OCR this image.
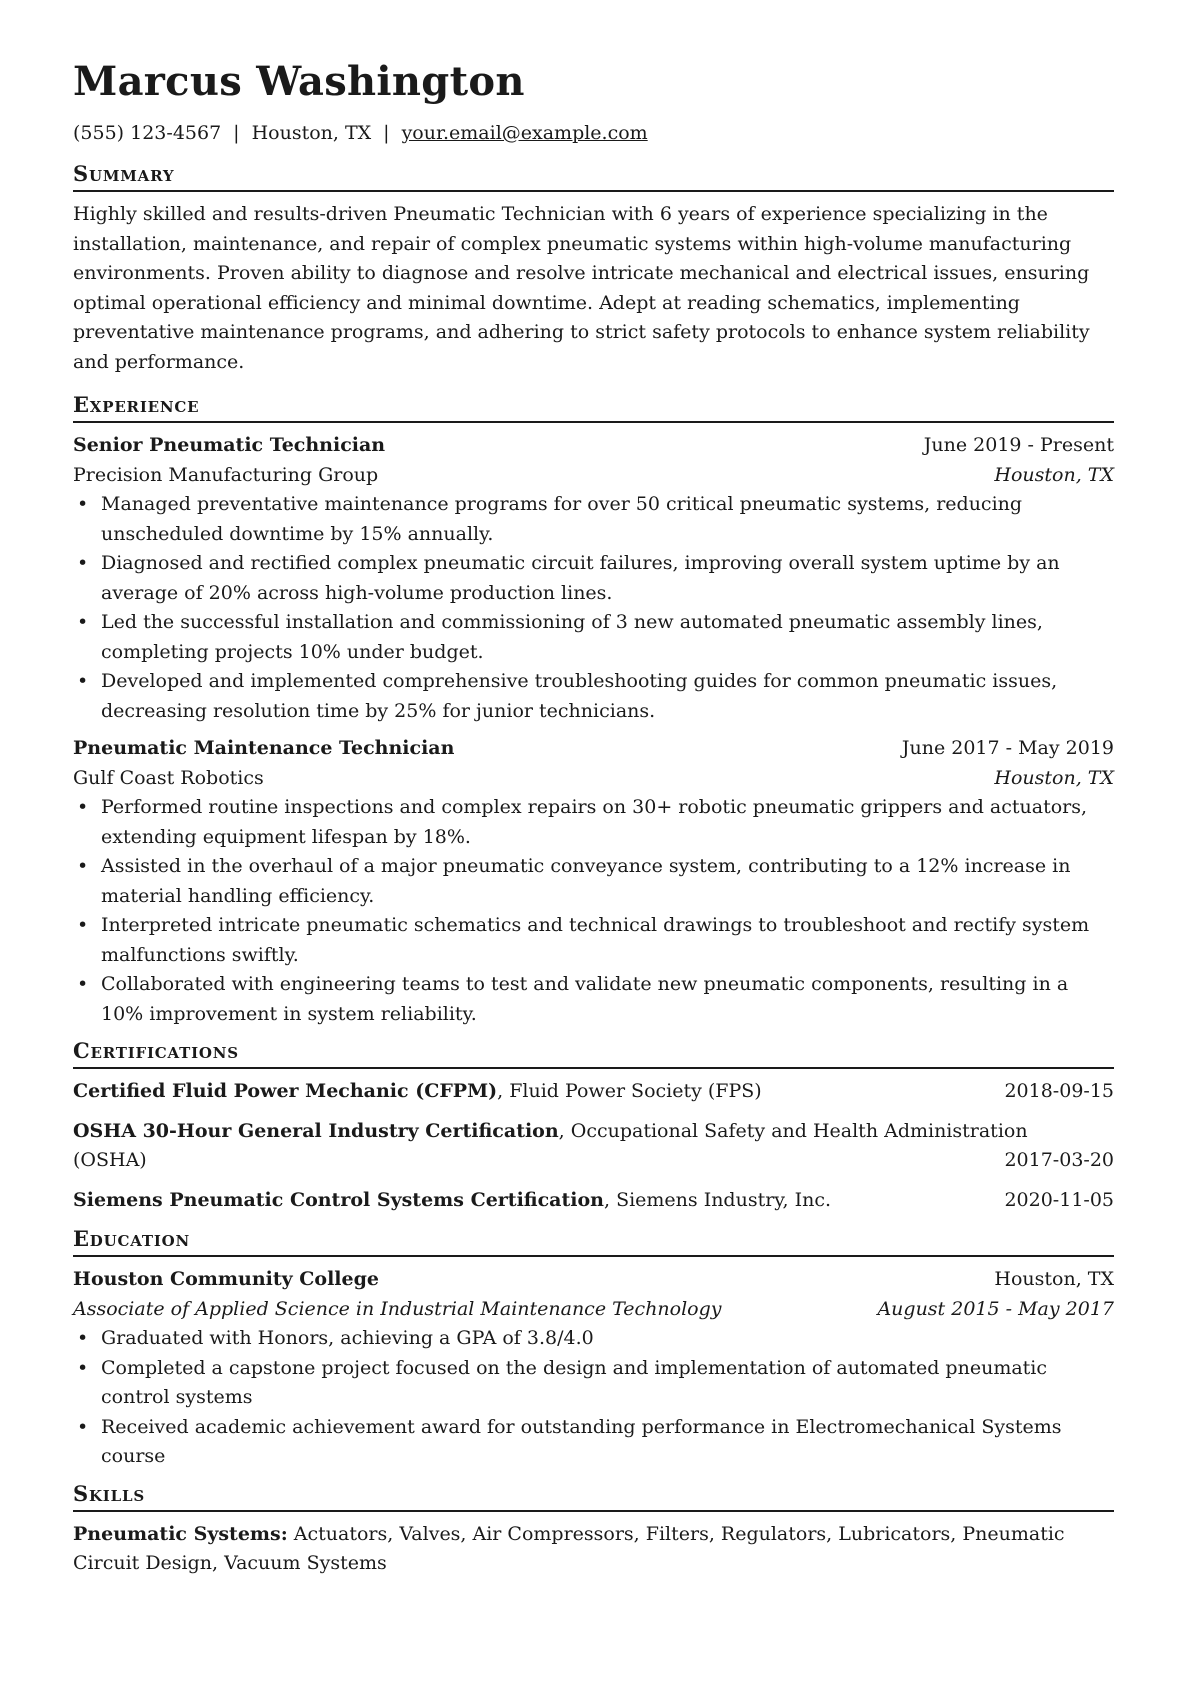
Marcus Washington
(555) 123-4567 | Houston, TX | your.email@example.com
Summary
Highly skilled and results-driven Pneumatic Technician with 6 years of experience specializing in the installation, maintenance, and repair of complex pneumatic systems within high-volume manufacturing environments. Proven ability to diagnose and resolve intricate mechanical and electrical issues, ensuring optimal operational efficiency and minimal downtime. Adept at reading schematics, implementing preventative maintenance programs, and adhering to strict safety protocols to enhance system reliability and performance.
Experience
Senior Pneumatic Technician	June 2019 - Present
Precision Manufacturing Group	Houston, TX
• Managed preventative maintenance programs for over 50 critical pneumatic systems, reducing unscheduled downtime by 15% annually.
• Diagnosed and rectified complex pneumatic circuit failures, improving overall system uptime by an average of 20% across high-volume production lines.
• Led the successful installation and commissioning of 3 new automated pneumatic assembly lines, completing projects 10% under budget.
• Developed and implemented comprehensive troubleshooting guides for common pneumatic issues, decreasing resolution time by 25% for junior technicians.
Pneumatic Maintenance Technician	June 2017 - May 2019
Gulf Coast Robotics	Houston, TX
• Performed routine inspections and complex repairs on 30+ robotic pneumatic grippers and actuators, extending equipment lifespan by 18%.
• Assisted in the overhaul of a major pneumatic conveyance system, contributing to a 12% increase in material handling efficiency.
• Interpreted intricate pneumatic schematics and technical drawings to troubleshoot and rectify system malfunctions swiftly.
• Collaborated with engineering teams to test and validate new pneumatic components, resulting in a 10% improvement in system reliability.
Certifications
Certified Fluid Power Mechanic (CFPM), Fluid Power Society (FPS)	2018-09-15
OSHA 30-Hour General Industry Certification, Occupational Safety and Health Administration
(OSHA)	2017-03-20
Siemens Pneumatic Control Systems Certification, Siemens Industry, Inc.	2020-11-05
Education
Houston Community College	Houston, TX
Associate of Applied Science in Industrial Maintenance Technology	August 2015 - May 2017
• Graduated with Honors, achieving a GPA of 3.8/4.0
• Completed a capstone project focused on the design and implementation of automated pneumatic control systems
• Received academic achievement award for outstanding performance in Electromechanical Systems course
Skills
Pneumatic Systems: Actuators, Valves, Air Compressors, Filters, Regulators, Lubricators, Pneumatic Circuit Design, Vacuum Systems
